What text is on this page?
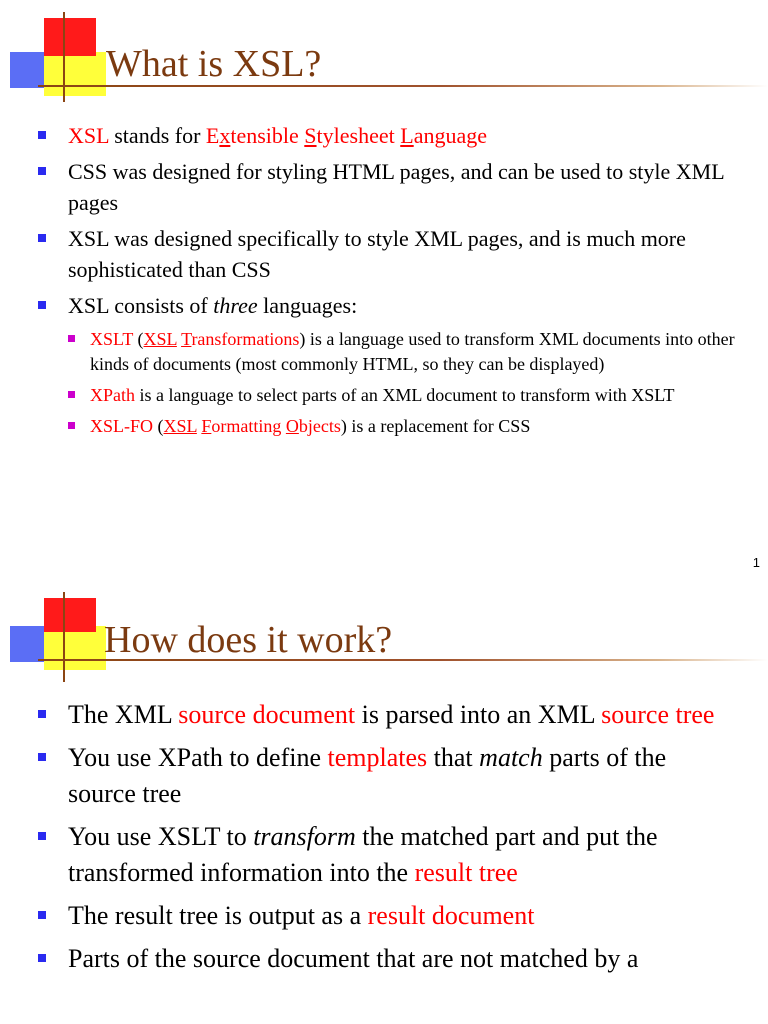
What is XSL?
XSL stands for Extensible Stylesheet Language
CSS was designed for styling HTML pages, and can be used to style XML pages
XSL was designed specifically to style XML pages, and is much more sophisticated than CSS
XSL consists of three languages:
XSLT (XSL Transformations) is a language used to transform XML documents into other kinds of documents (most commonly HTML, so they can be displayed)
XPath is a language to select parts of an XML document to transform with XSLT
XSL-FO (XSL Formatting Objects) is a replacement for CSS
1
How does it work?
The XML source document is parsed into an XML source tree
You use XPath to define templates that match parts of the source tree
You use XSLT to transform the matched part and put the transformed information into the result tree
The result tree is output as a result document
Parts of the source document that are not matched by a
